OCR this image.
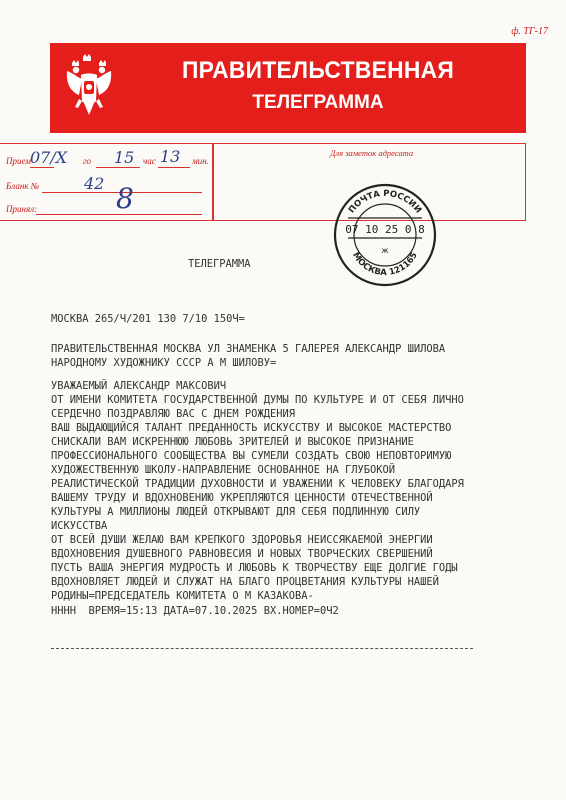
ф. ТГ-17
ПРАВИТЕЛЬСТВЕННАЯ
ТЕЛЕГРАММА
Прием
07/X го 15 час 13 мин.
Бланк №	42
Принял:	8
Для заметок адресата
ПОЧТА РОССИИ
07 10 25 0 8
ж
МОСКВА 121165
ТЕЛЕГРАММА
МОСКВА 265/Ч/201 130 7/10 150Ч=
ПРАВИТЕЛЬСТВЕННАЯ МОСКВА УЛ ЗНАМЕНКА 5 ГАЛЕРЕЯ АЛЕКСАНДР ШИЛОВА
НАРОДНОМУ ХУДОЖНИКУ СССР А М ШИЛОВУ=
УВАЖАЕМЫЙ АЛЕКСАНДР МАКСОВИЧ
ОТ ИМЕНИ КОМИТЕТА ГОСУДАРСТВЕННОЙ ДУМЫ ПО КУЛЬТУРЕ И ОТ СЕБЯ ЛИЧНО
СЕРДЕЧНО ПОЗДРАВЛЯЮ ВАС С ДНЕМ РОЖДЕНИЯ
ВАШ ВЫДАЮЩИЙСЯ ТАЛАНТ ПРЕДАННОСТЬ ИСКУССТВУ И ВЫСОКОЕ МАСТЕРСТВО
СНИСКАЛИ ВАМ ИСКРЕННЮЮ ЛЮБОВЬ ЗРИТЕЛЕЙ И ВЫСОКОЕ ПРИЗНАНИЕ
ПРОФЕССИОНАЛЬНОГО СООБЩЕСТВА ВЫ СУМЕЛИ СОЗДАТЬ СВОЮ НЕПОВТОРИМУЮ
ХУДОЖЕСТВЕННУЮ ШКОЛУ-НАПРАВЛЕНИЕ ОСНОВАННОЕ НА ГЛУБОКОЙ
РЕАЛИСТИЧЕСКОЙ ТРАДИЦИИ ДУХОВНОСТИ И УВАЖЕНИИ К ЧЕЛОВЕКУ БЛАГОДАРЯ
ВАШЕМУ ТРУДУ И ВДОХНОВЕНИЮ УКРЕПЛЯЮТСЯ ЦЕННОСТИ ОТЕЧЕСТВЕННОЙ
КУЛЬТУРЫ А МИЛЛИОНЫ ЛЮДЕЙ ОТКРЫВАЮТ ДЛЯ СЕБЯ ПОДЛИННУЮ СИЛУ
ИСКУССТВА
ОТ ВСЕЙ ДУШИ ЖЕЛАЮ ВАМ КРЕПКОГО ЗДОРОВЬЯ НЕИССЯКАЕМОЙ ЭНЕРГИИ
ВДОХНОВЕНИЯ ДУШЕВНОГО РАВНОВЕСИЯ И НОВЫХ ТВОРЧЕСКИХ СВЕРШЕНИЙ
ПУСТЬ ВАША ЭНЕРГИЯ МУДРОСТЬ И ЛЮБОВЬ К ТВОРЧЕСТВУ ЕЩЕ ДОЛГИЕ ГОДЫ
ВДОХНОВЛЯЕТ ЛЮДЕЙ И СЛУЖАТ НА БЛАГО ПРОЦВЕТАНИЯ КУЛЬТУРЫ НАШЕЙ
РОДИНЫ=ПРЕДСЕДАТЕЛЬ КОМИТЕТА О М КАЗАКОВА-
НННН  ВРЕМЯ=15:13 ДАТА=07.10.2025 ВХ.НОМЕР=0Ч2
